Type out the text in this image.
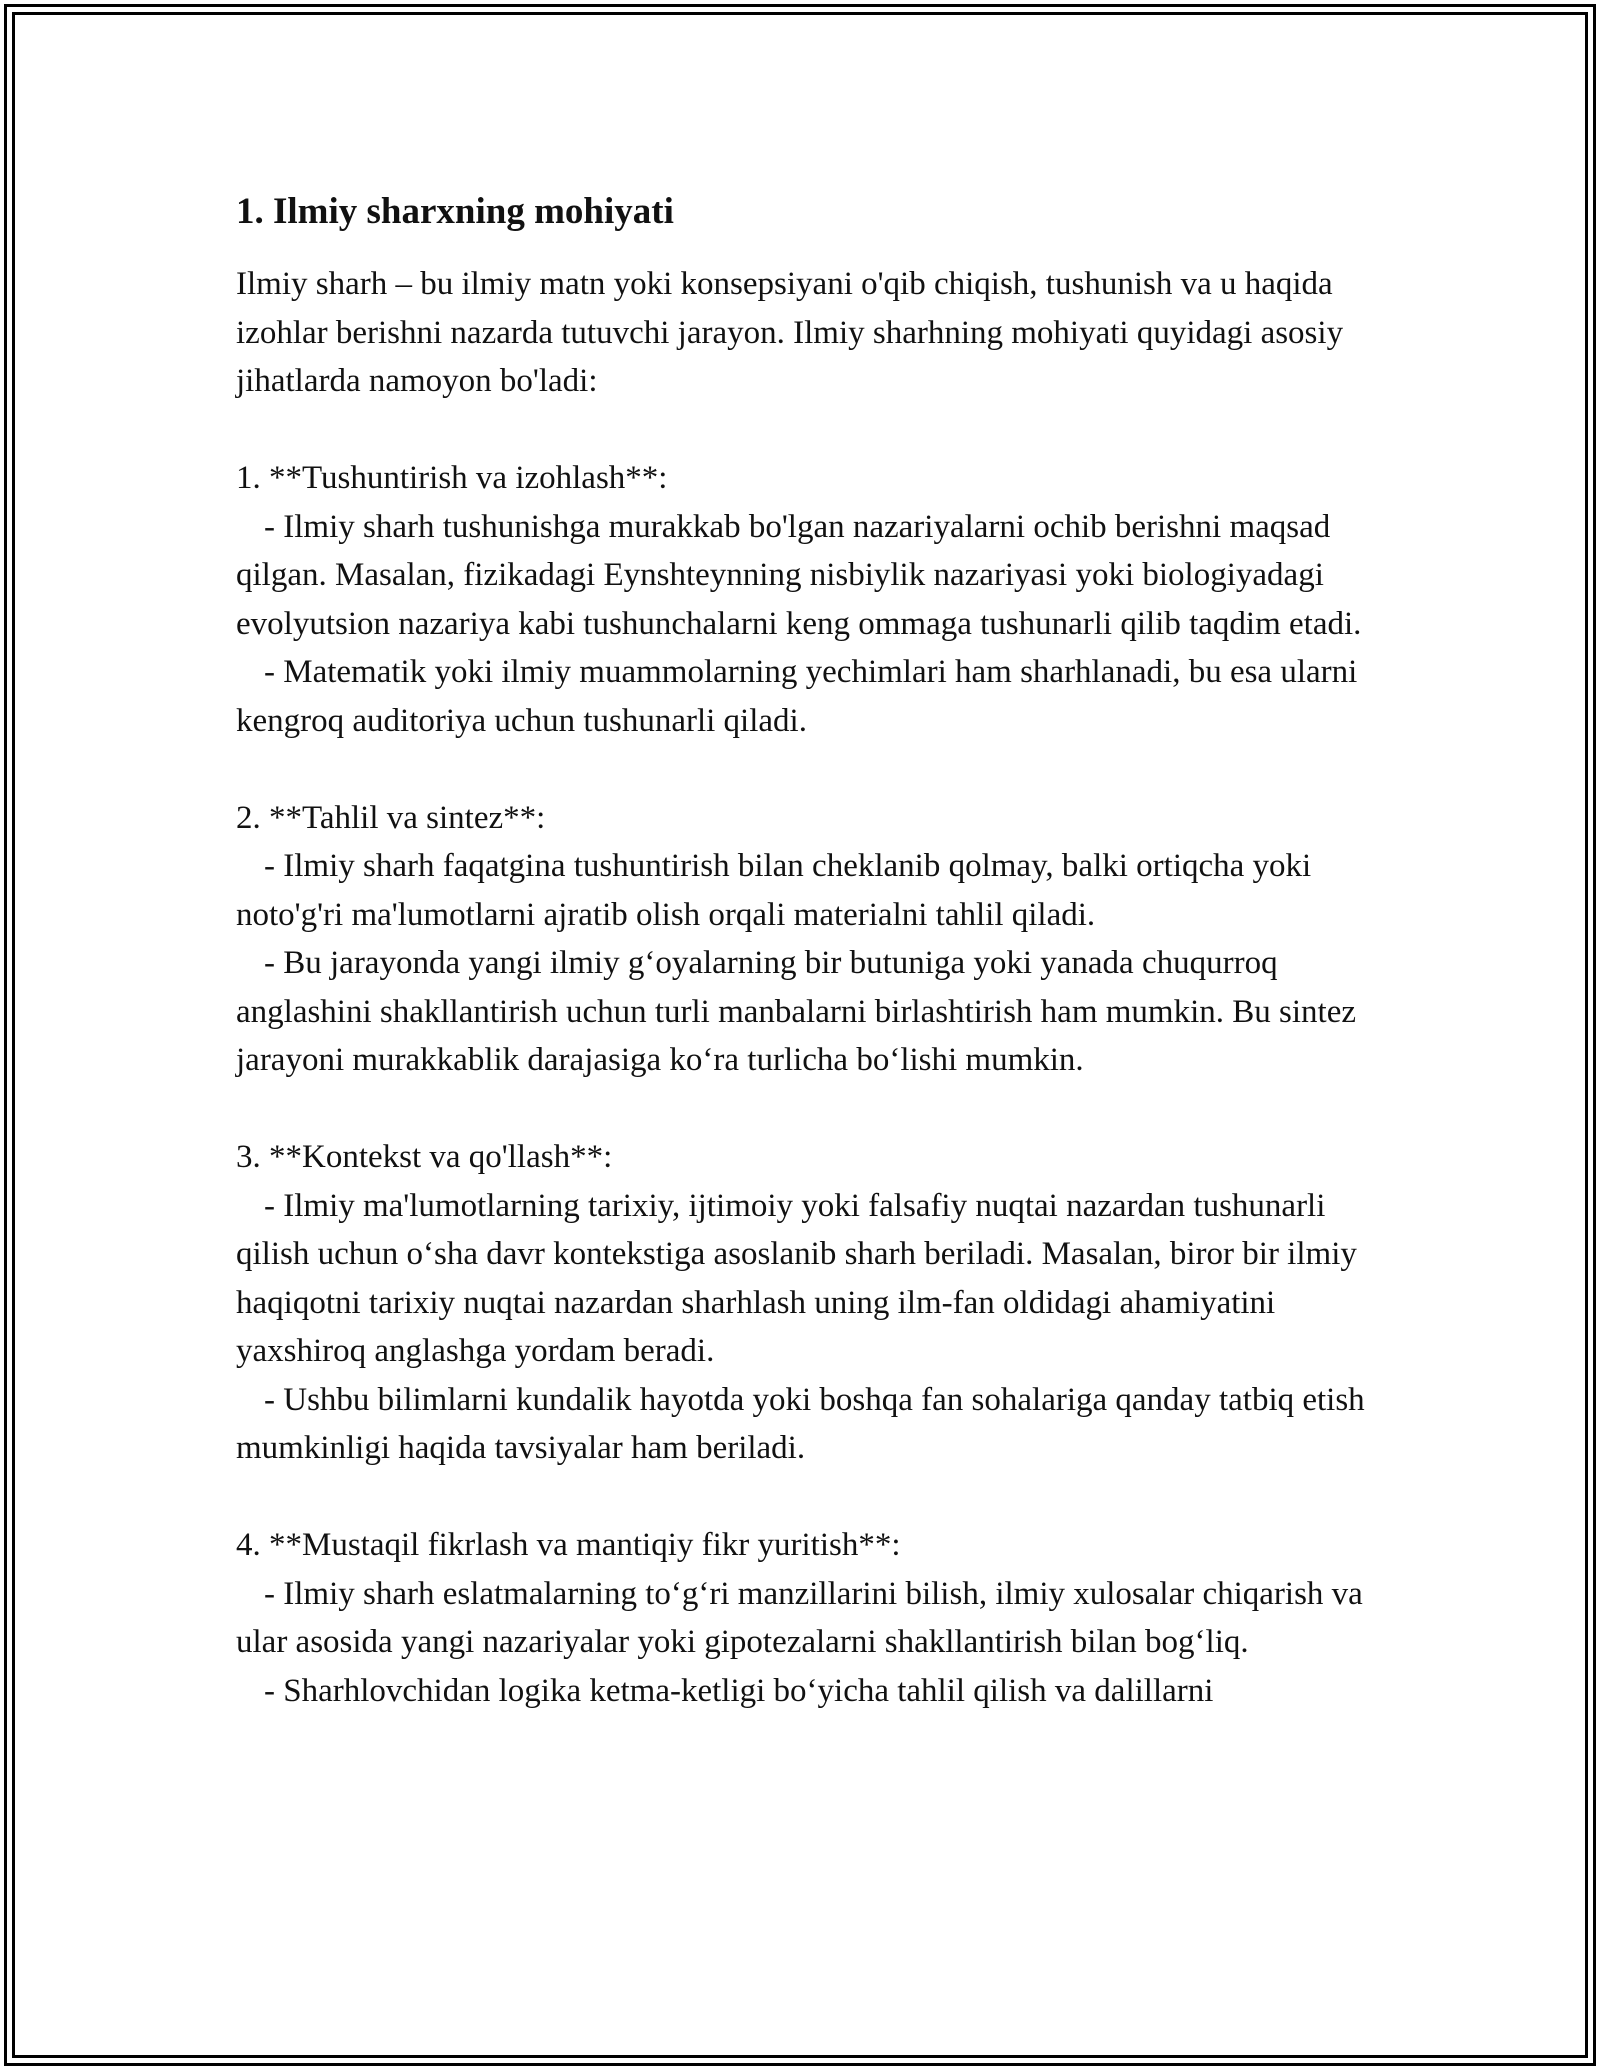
1. Ilmiy sharxning mohiyati

Ilmiy sharh – bu ilmiy matn yoki konsepsiyani o'qib chiqish, tushunish va u haqida izohlar berishni nazarda tutuvchi jarayon. Ilmiy sharhning mohiyati quyidagi asosiy jihatlarda namoyon bo'ladi:

1. **Tushuntirish va izohlash**:

- Ilmiy sharh tushunishga murakkab bo'lgan nazariyalarni ochib berishni maqsad qilgan. Masalan, fizikadagi Eynshteynning nisbiylik nazariyasi yoki biologiyadagi evolyutsion nazariya kabi tushunchalarni keng ommaga tushunarli qilib taqdim etadi.

- Matematik yoki ilmiy muammolarning yechimlari ham sharhlanadi, bu esa ularni kengroq auditoriya uchun tushunarli qiladi.

2. **Tahlil va sintez**:

- Ilmiy sharh faqatgina tushuntirish bilan cheklanib qolmay, balki ortiqcha yoki noto'g'ri ma'lumotlarni ajratib olish orqali materialni tahlil qiladi.

- Bu jarayonda yangi ilmiy g‘oyalarning bir butuniga yoki yanada chuqurroq anglashini shakllantirish uchun turli manbalarni birlashtirish ham mumkin. Bu sintez jarayoni murakkablik darajasiga ko‘ra turlicha bo‘lishi mumkin.

3. **Kontekst va qo'llash**:

- Ilmiy ma'lumotlarning tarixiy, ijtimoiy yoki falsafiy nuqtai nazardan tushunarli qilish uchun o‘sha davr kontekstiga asoslanib sharh beriladi. Masalan, biror bir ilmiy haqiqotni tarixiy nuqtai nazardan sharhlash uning ilm-fan oldidagi ahamiyatini yaxshiroq anglashga yordam beradi.

- Ushbu bilimlarni kundalik hayotda yoki boshqa fan sohalariga qanday tatbiq etish mumkinligi haqida tavsiyalar ham beriladi.

4. **Mustaqil fikrlash va mantiqiy fikr yuritish**:

- Ilmiy sharh eslatmalarning to‘g‘ri manzillarini bilish, ilmiy xulosalar chiqarish va ular asosida yangi nazariyalar yoki gipotezalarni shakllantirish bilan bog‘liq.

- Sharhlovchidan logika ketma-ketligi bo‘yicha tahlil qilish va dalillarni
